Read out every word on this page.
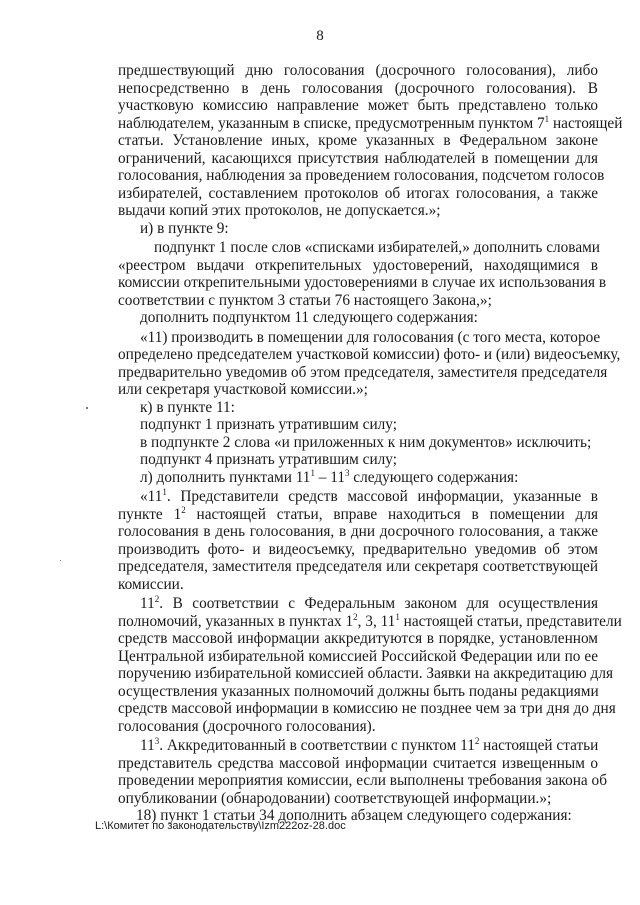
8
предшествующий дню голосования (досрочного голосования), либо
непосредственно в день голосования (досрочного голосования). В
участковую комиссию направление может быть представлено только
наблюдателем, указанным в списке, предусмотренным пунктом $7^1$ настоящей
статьи. Установление иных, кроме указанных в Федеральном законе
ограничений, касающихся присутствия наблюдателей в помещении для
голосования, наблюдения за проведением голосования, подсчетом голосов
избирателей, составлением протоколов об итогах голосования, а также
выдачи копий этих протоколов, не допускается.»;
и) в пункте 9:
подпункт 1 после слов «списками избирателей,» дополнить словами
«реестром выдачи открепительных удостоверений, находящимися в
комиссии открепительными удостоверениями в случае их использования в
соответствии с пунктом 3 статьи 76 настоящего Закона,»;
дополнить подпунктом 11 следующего содержания:
«11) производить в помещении для голосования (с того места, которое
определено председателем участковой комиссии) фото- и (или) видеосъемку,
предварительно уведомив об этом председателя, заместителя председателя
или секретаря участковой комиссии.»;
к) в пункте 11:
подпункт 1 признать утратившим силу;
в подпункте 2 слова «и приложенных к ним документов» исключить;
подпункт 4 признать утратившим силу;
л) дополнить пунктами $11^1 - 11^3$ следующего содержания:
«$11^1$. Представители средств массовой информации, указанные в
пункте $1^2$ настоящей статьи, вправе находиться в помещении для
голосования в день голосования, в дни досрочного голосования, а также
производить фото- и видеосъемку, предварительно уведомив об этом
председателя, заместителя председателя или секретаря соответствующей
комиссии.
$11^2$. В соответствии с Федеральным законом для осуществления
полномочий, указанных в пунктах $1^2$, 3, $11^1$ настоящей статьи, представители
средств массовой информации аккредитуются в порядке, установленном
Центральной избирательной комиссией Российской Федерации или по ее
поручению избирательной комиссией области. Заявки на аккредитацию для
осуществления указанных полномочий должны быть поданы редакциями
средств массовой информации в комиссию не позднее чем за три дня до дня
голосования (досрочного голосования).
$11^3$. Аккредитованный в соответствии с пунктом $11^2$ настоящей статьи
представитель средства массовой информации считается извещенным о
проведении мероприятия комиссии, если выполнены требования закона об
опубликовании (обнародовании) соответствующей информации.»;
18) пункт 1 статьи 34 дополнить абзацем следующего содержания:
L:\Комитет по законодательству\Izm222oz-28.doc
